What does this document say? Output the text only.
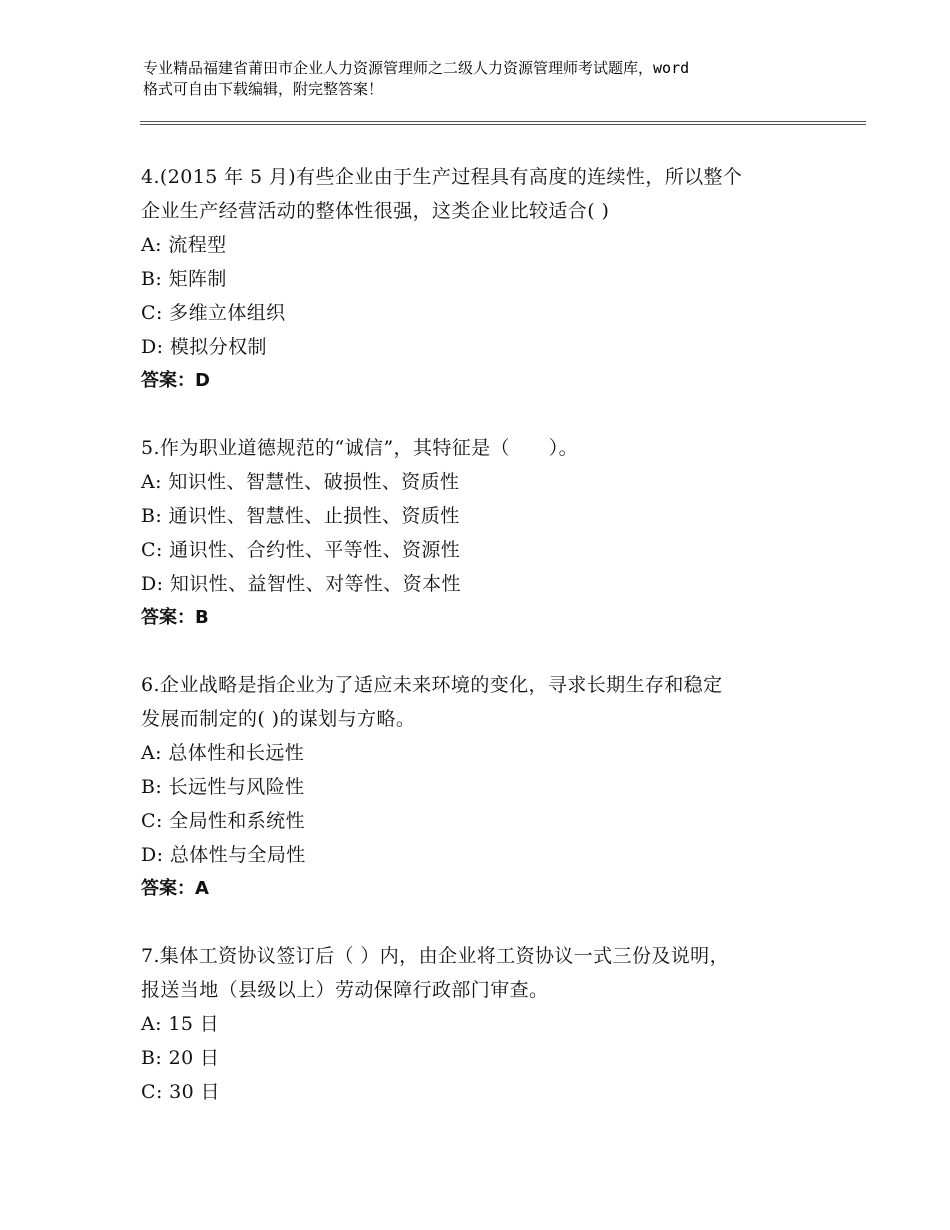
专业精品福建省莆田市企业人力资源管理师之二级人力资源管理师考试题库，word
格式可自由下载编辑，附完整答案！
4.(2015 年 5 月)有些企业由于生产过程具有高度的连续性，所以整个
企业生产经营活动的整体性很强，这类企业比较适合( )
A: 流程型
B: 矩阵制
C: 多维立体组织
D: 模拟分权制
答案：D
5.作为职业道德规范的“诚信”，其特征是（　　）。
A: 知识性、智慧性、破损性、资质性
B: 通识性、智慧性、止损性、资质性
C: 通识性、合约性、平等性、资源性
D: 知识性、益智性、对等性、资本性
答案：B
6.企业战略是指企业为了适应未来环境的变化，寻求长期生存和稳定
发展而制定的( )的谋划与方略。
A: 总体性和长远性
B: 长远性与风险性
C: 全局性和系统性
D: 总体性与全局性
答案：A
7.集体工资协议签订后（ ）内，由企业将工资协议一式三份及说明，
报送当地（县级以上）劳动保障行政部门审查。
A: 15 日
B: 20 日
C: 30 日
